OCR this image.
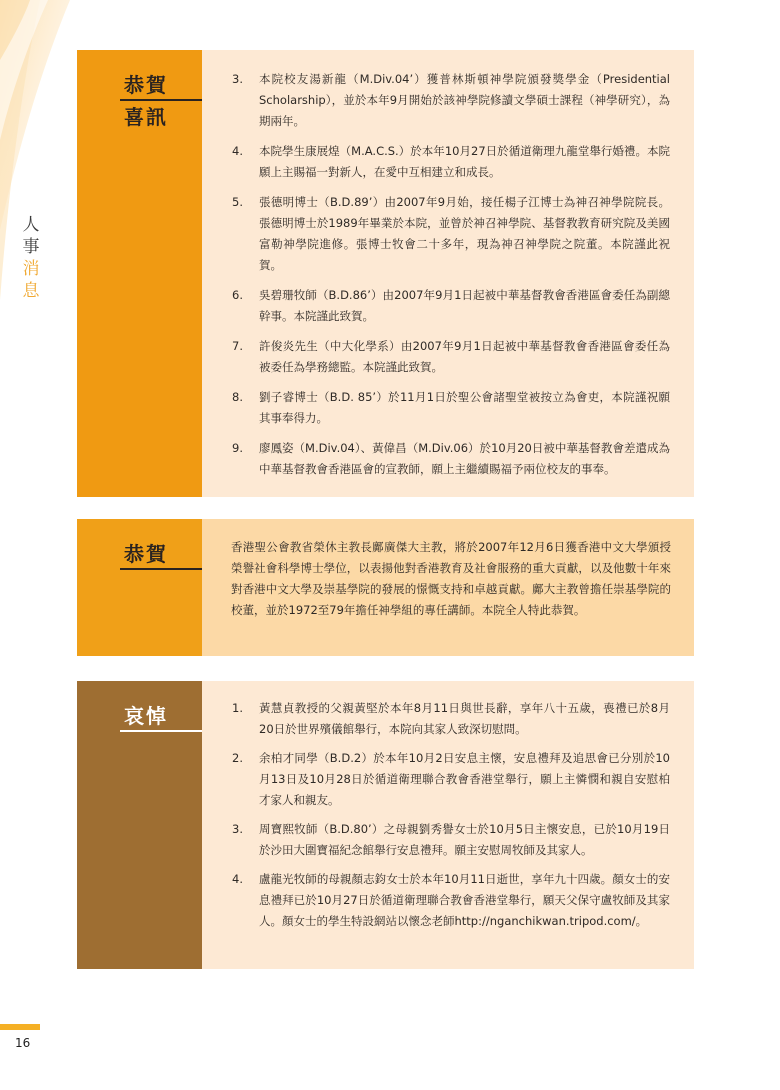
人
事
消
息
恭賀
喜訊
3.	本院校友湯新龍（M.Div.04’）獲普林斯頓神學院頒發獎學金（Presidential Scholarship），並於本年9月開始於該神學院修讀文學碩士課程（神學研究），為期兩年。
4.	本院學生康展煌（M.A.C.S.）於本年10月27日於循道衛理九龍堂舉行婚禮。本院願上主賜福一對新人，在愛中互相建立和成長。
5.	張德明博士（B.D.89’）由2007年9月始，接任楊子江博士為神召神學院院長。張德明博士於1989年畢業於本院，並曾於神召神學院、基督教教育研究院及美國富勒神學院進修。張博士牧會二十多年，現為神召神學院之院董。本院謹此祝賀。
6.	吳碧珊牧師（B.D.86’）由2007年9月1日起被中華基督教會香港區會委任為副總幹事。本院謹此致賀。
7.	許俊炎先生（中大化學系）由2007年9月1日起被中華基督教會香港區會委任為被委任為學務總監。本院謹此致賀。
8.	劉子睿博士（B.D. 85’）於11月1日於聖公會諸聖堂被按立為會吏，本院謹祝願其事奉得力。
9.	廖鳳姿（M.Div.04）、黃偉昌（M.Div.06）於10月20日被中華基督教會差遣成為中華基督教會香港區會的宣教師，願上主繼續賜福予兩位校友的事奉。
恭賀	香港聖公會教省榮休主教長鄺廣傑大主教，將於2007年12月6日獲香港中文大學頒授榮譽社會科學博士學位，以表揚他對香港教育及社會服務的重大貢獻，以及他數十年來對香港中文大學及崇基學院的發展的憬慨支持和卓越貢獻。鄺大主教曾擔任崇基學院的校董，並於1972至79年擔任神學組的專任講師。本院全人特此恭賀。

哀悼	1.	黃慧貞教授的父親黃堅於本年8月11日與世長辭，享年八十五歲，喪禮已於8月20日於世界殯儀館舉行，本院向其家人致深切慰問。
2.	余柏才同學（B.D.2）於本年10月2日安息主懷，安息禮拜及追思會已分別於10月13日及10月28日於循道衛理聯合教會香港堂舉行，願上主憐憫和親自安慰柏才家人和親友。
3.	周寶熙牧師（B.D.80’）之母親劉秀譽女士於10月5日主懷安息，已於10月19日於沙田大圍寶福紀念館舉行安息禮拜。願主安慰周牧師及其家人。
4.	盧龍光牧師的母親顏志鈞女士於本年10月11日逝世，享年九十四歲。顏女士的安息禮拜已於10月27日於循道衛理聯合教會香港堂舉行，願天父保守盧牧師及其家人。顏女士的學生特設網站以懷念老師http://nganchikwan.tripod.com/。
16
